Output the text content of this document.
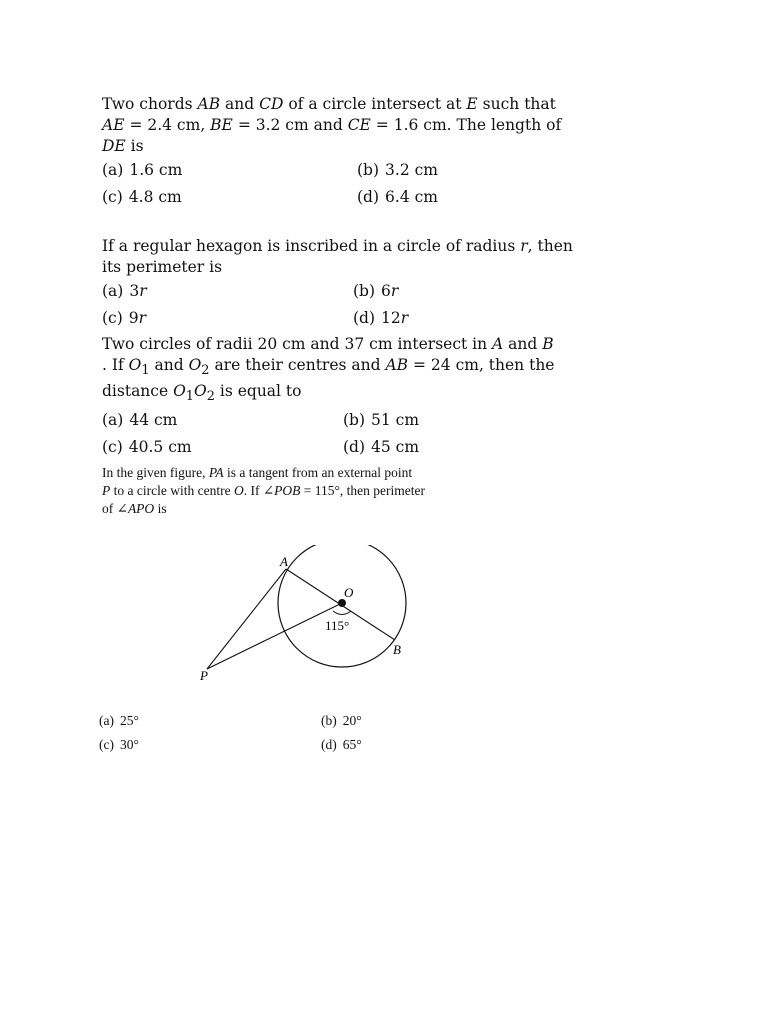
Two chords AB and CD of a circle intersect at E such that
AE = 2.4 cm, BE = 3.2 cm and CE = 1.6 cm. The length of
DE is
(a) 1.6 cm	(b) 3.2 cm
(c) 4.8 cm	(d) 6.4 cm
If a regular hexagon is inscribed in a circle of radius r, then
its perimeter is
(a) 3r	(b) 6r
(c) 9r	(d) 12r
Two circles of radii 20 cm and 37 cm intersect in A and B
. If $O_1$ and $O_2$ are their centres and AB = 24 cm, then the
distance $O_1O_2$ is equal to
(a) 44 cm	(b) 51 cm
(c) 40.5 cm	(d) 45 cm
In the given figure, PA is a tangent from an external point
P to a circle with centre O. If ∠POB = 115°, then perimeter
of ∠APO is
A
O
B
P
115°
(a) 25°	(b) 20°
(c) 30°	(d) 65°
